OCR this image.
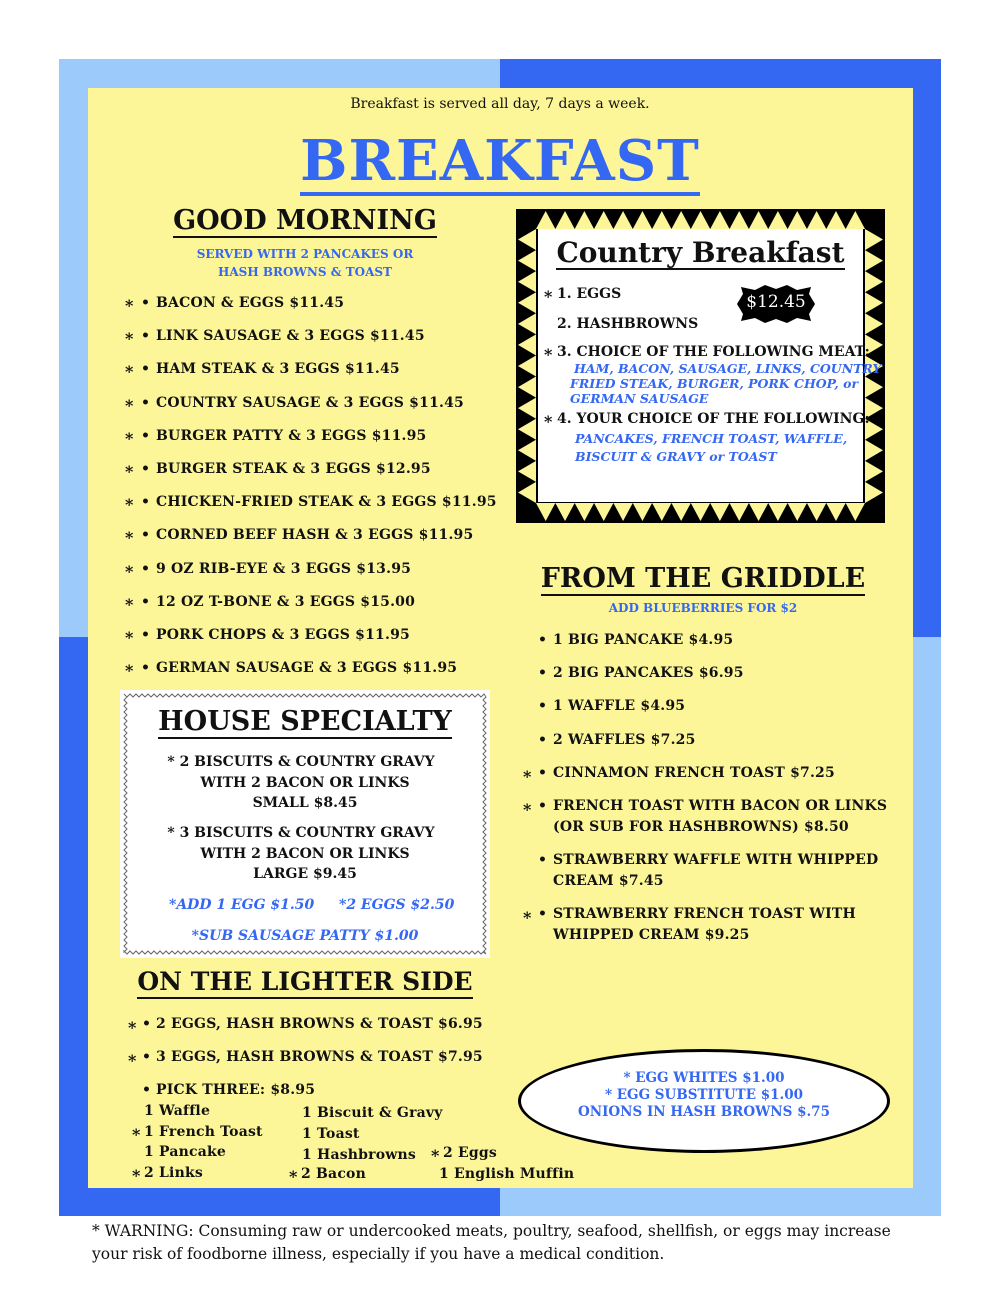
Breakfast is served all day, 7 days a week.
BREAKFAST
GOOD MORNING
SERVED WITH 2 PANCAKES OR
HASH BROWNS & TOAST
* • BACON & EGGS $11.45
* • LINK SAUSAGE & 3 EGGS $11.45
* • HAM STEAK & 3 EGGS $11.45
* • COUNTRY SAUSAGE & 3 EGGS $11.45
* • BURGER PATTY & 3 EGGS $11.95
* • BURGER STEAK & 3 EGGS $12.95
* • CHICKEN-FRIED STEAK & 3 EGGS $11.95
* • CORNED BEEF HASH & 3 EGGS $11.95
* • 9 OZ RIB-EYE & 3 EGGS $13.95
* • 12 OZ T-BONE & 3 EGGS $15.00
* • PORK CHOPS & 3 EGGS $11.95
* • GERMAN SAUSAGE & 3 EGGS $11.95
Country Breakfast
$12.45
* 1. EGGS
2. HASHBROWNS
* 3. CHOICE OF THE FOLLOWING MEAT:
HAM, BACON, SAUSAGE, LINKS, COUNTRY
FRIED STEAK, BURGER, PORK CHOP, or
GERMAN SAUSAGE
* 4. YOUR CHOICE OF THE FOLLOWING:
PANCAKES, FRENCH TOAST, WAFFLE,
BISCUIT & GRAVY or TOAST
FROM THE GRIDDLE
ADD BLUEBERRIES FOR $2
• 1 BIG PANCAKE $4.95
• 2 BIG PANCAKES $6.95
• 1 WAFFLE $4.95
• 2 WAFFLES $7.25
* • CINNAMON FRENCH TOAST $7.25
* • FRENCH TOAST WITH BACON OR LINKS
(OR SUB FOR HASHBROWNS) $8.50
• STRAWBERRY WAFFLE WITH WHIPPED
CREAM $7.45
* • STRAWBERRY FRENCH TOAST WITH
WHIPPED CREAM $9.25
HOUSE SPECIALTY
* 2 BISCUITS & COUNTRY GRAVY
WITH 2 BACON OR LINKS
SMALL $8.45
* 3 BISCUITS & COUNTRY GRAVY
WITH 2 BACON OR LINKS
LARGE $9.45
*ADD 1 EGG $1.50 *2 EGGS $2.50
*SUB SAUSAGE PATTY $1.00
ON THE LIGHTER SIDE
* • 2 EGGS, HASH BROWNS & TOAST $6.95
* • 3 EGGS, HASH BROWNS & TOAST $7.95
• PICK THREE: $8.95
1 Waffle
* 1 French Toast
1 Pancake
* 2 Links
1 Biscuit & Gravy
1 Toast
1 Hashbrowns
* 2 Bacon
* 2 Eggs
1 English Muffin
* EGG WHITES $1.00
* EGG SUBSTITUTE $1.00
ONIONS IN HASH BROWNS $.75
* WARNING: Consuming raw or undercooked meats, poultry, seafood, shellfish, or eggs may increase your risk of foodborne illness, especially if you have a medical condition.
